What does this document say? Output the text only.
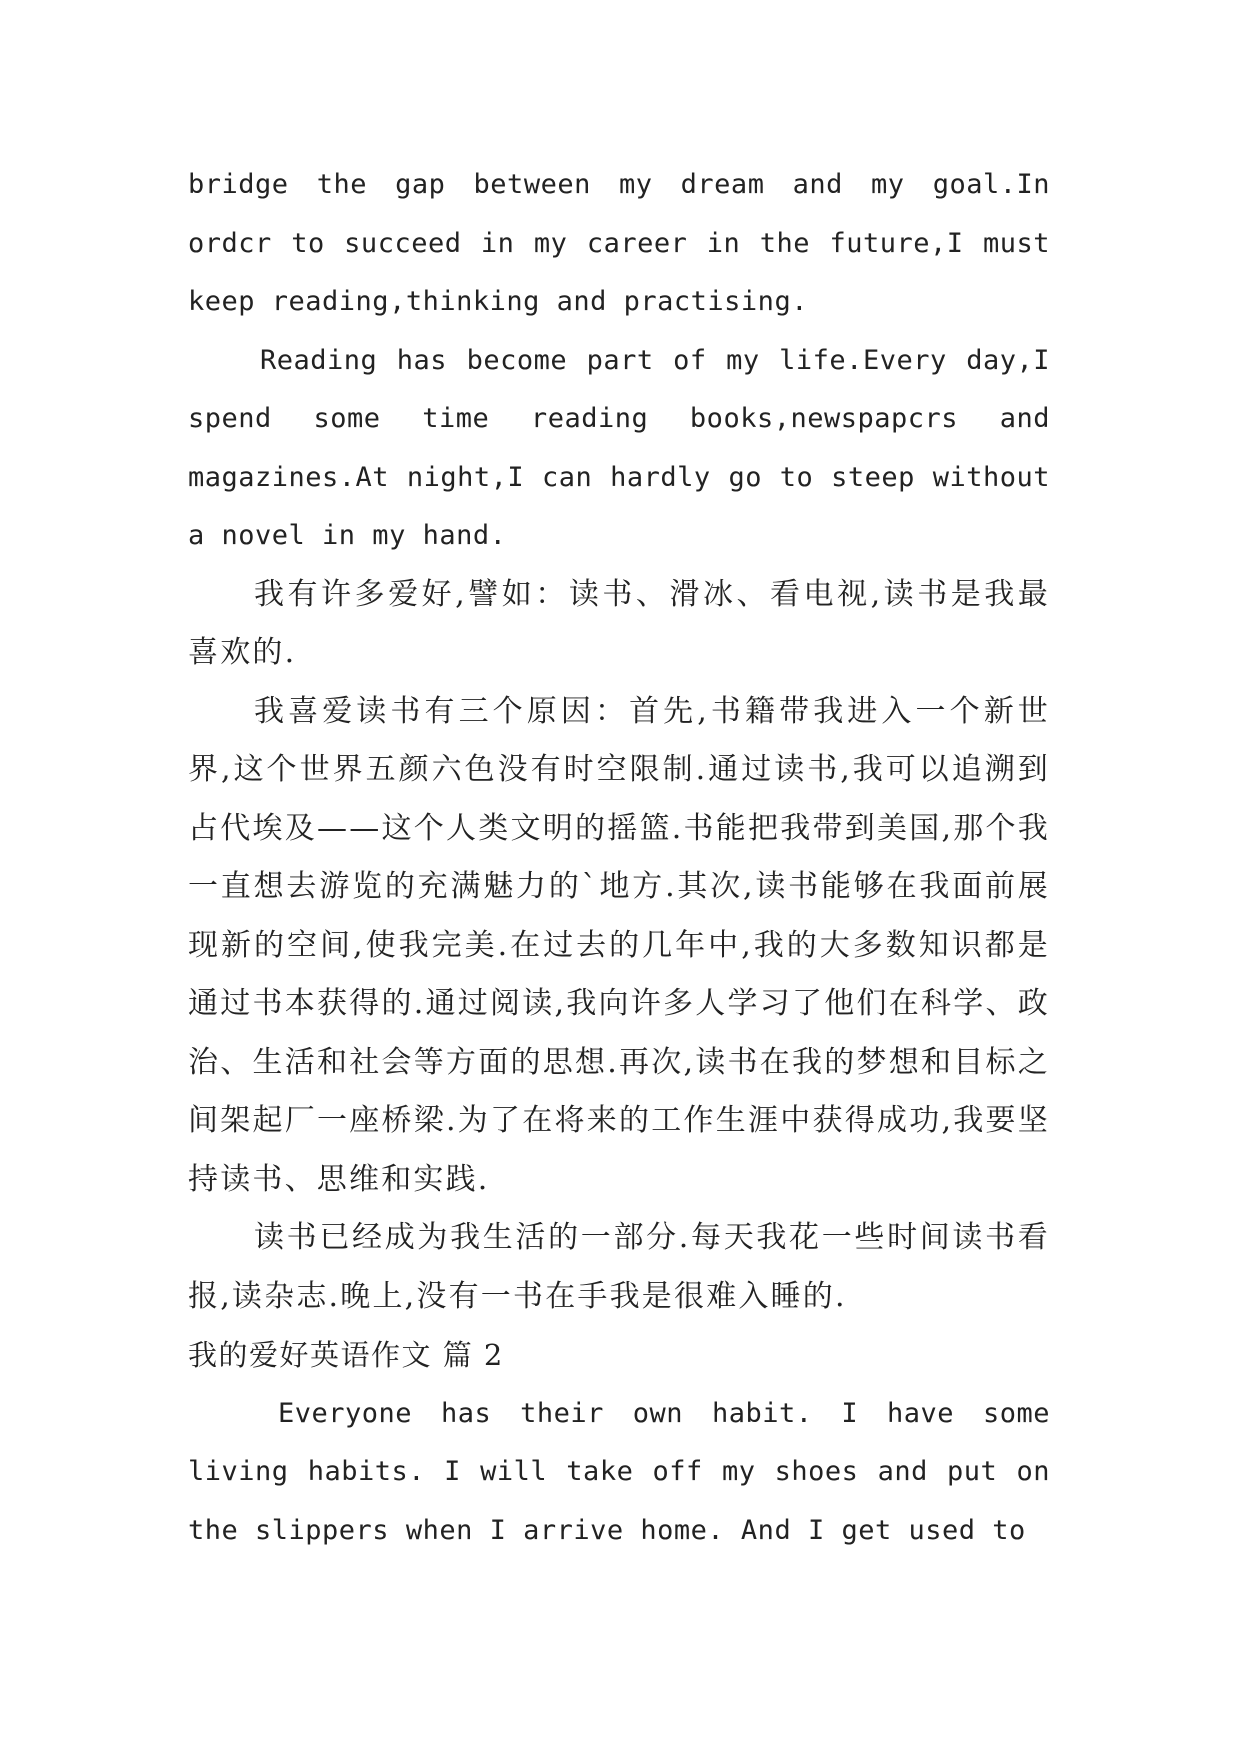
bridge the gap between my dream and my goal.In ordcr to succeed in my career in the future,I must keep reading,thinking and practising.

Reading has become part of my life.Every day,I spend some time reading books,newspapcrs and magazines.At night,I can hardly go to steep without a novel in my hand.

我有许多爱好,譬如：读书、滑冰、看电视,读书是我最喜欢的.

我喜爱读书有三个原因：首先,书籍带我进入一个新世界,这个世界五颜六色没有时空限制.通过读书,我可以追溯到占代埃及——这个人类文明的摇篮.书能把我带到美国,那个我一直想去游览的充满魅力的`地方.其次,读书能够在我面前展现新的空间,使我完美.在过去的几年中,我的大多数知识都是通过书本获得的.通过阅读,我向许多人学习了他们在科学、政治、生活和社会等方面的思想.再次,读书在我的梦想和目标之间架起厂一座桥梁.为了在将来的工作生涯中获得成功,我要坚持读书、思维和实践.

读书已经成为我生活的一部分.每天我花一些时间读书看报,读杂志.晚上,没有一书在手我是很难入睡的.

我的爱好英语作文 篇 2

Everyone has their own habit. I have some living habits. I will take off my shoes and put on the slippers when I arrive home. And I get used to
